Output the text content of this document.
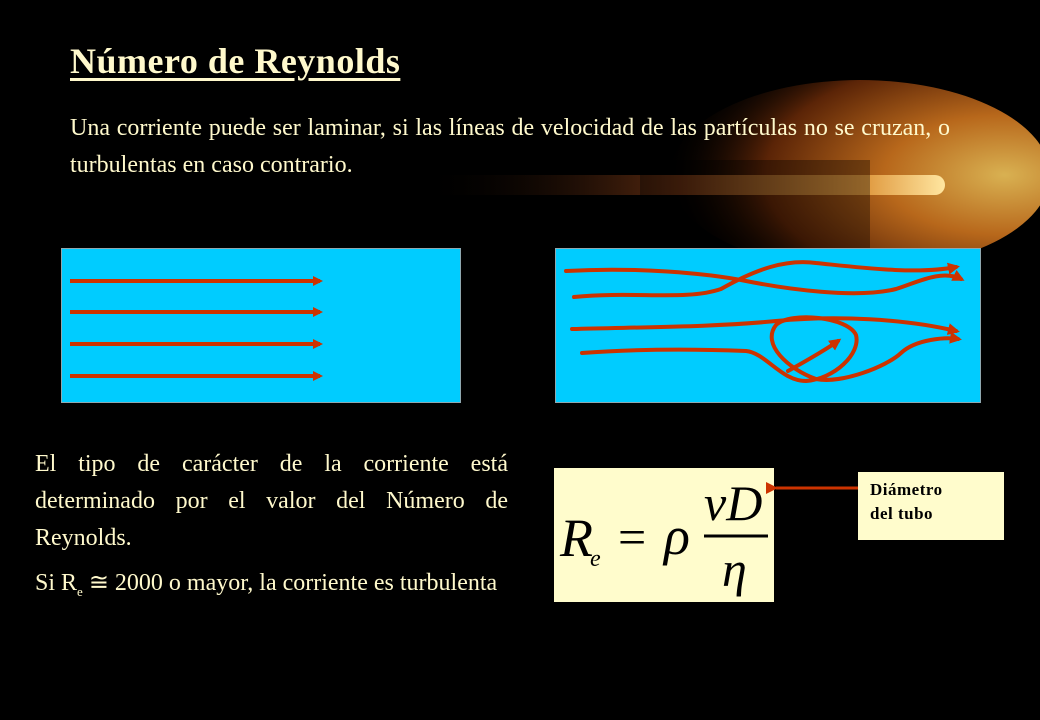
Número de Reynolds
Una corriente puede ser laminar, si las líneas de velocidad de las partículas no se cruzan, o turbulentas en caso contrario.

El tipo de carácter de la corriente está determinado por el valor del Número de Reynolds.

Si $R_e$ ≅ 2000 o mayor, la corriente es turbulenta

R
e = ρ
vD
η
Diámetro
del tubo
